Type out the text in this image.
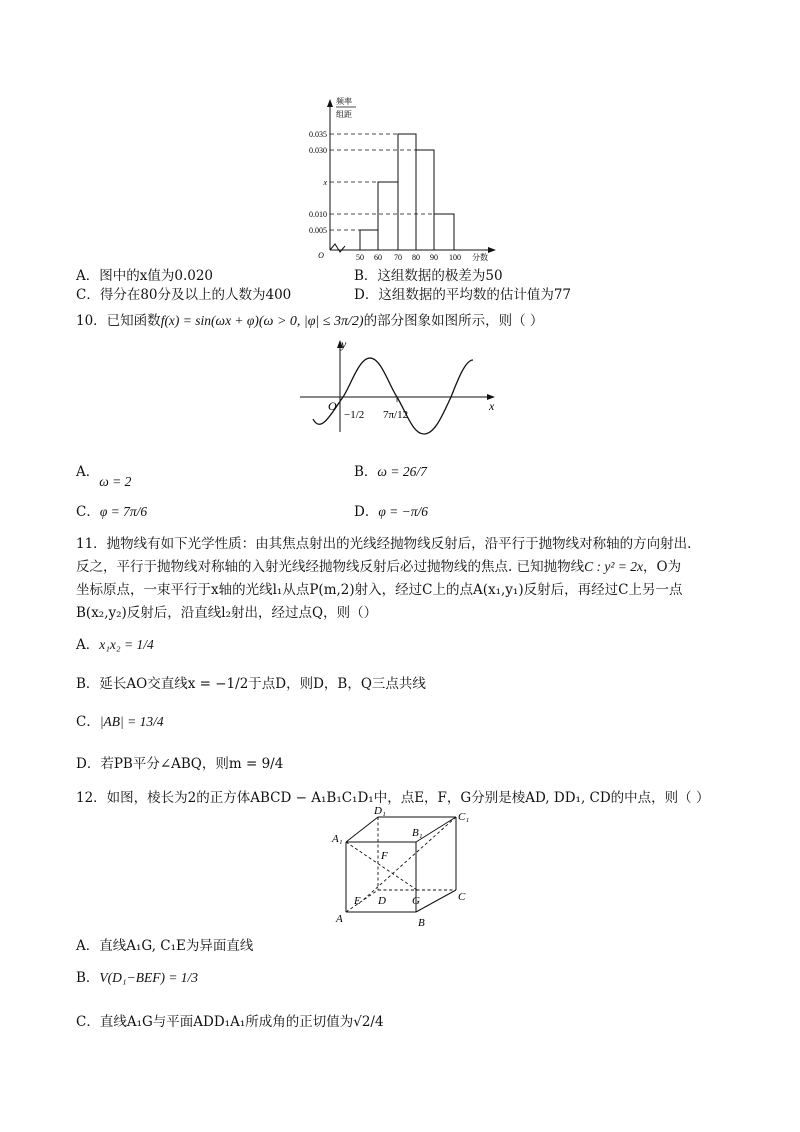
频率
组距
0.035
0.030
x
0.010
0.005
O	50 60 70 80 90 100 分数
A．图中的x值为0.020	B．这组数据的极差为50
C．得分在80分及以上的人数为400	D．这组数据的平均数的估计值为77
10．已知函数f(x) = sin(ωx + φ)(ω > 0, |φ| ≤ 3π/2)的部分图象如图所示，则（ ）
y
x
O
−1/2 7π/12
A．ω = 2
B．ω = 26/7
C．φ = 7π/6	D．φ = −π/6
11．抛物线有如下光学性质：由其焦点射出的光线经抛物线反射后，沿平行于抛物线对称轴的方向射出.
反之，平行于抛物线对称轴的入射光线经抛物线反射后必过抛物线的焦点. 已知抛物线C : y² = 2x，O为
坐标原点，一束平行于x轴的光线l₁从点P(m,2)射入，经过C上的点A(x₁,y₁)反射后，再经过C上另一点
B(x₂,y₂)反射后，沿直线l₂射出，经过点Q，则（）
A．x₁x₂ = 1/4
B．延长AO交直线x = −1/2于点D，则D，B，Q三点共线
C．|AB| = 13/4
D．若PB平分∠ABQ，则m = 9/4
12．如图，棱长为2的正方体ABCD − A₁B₁C₁D₁中，点E，F，G分别是棱AD, DD₁, CD的中点，则（ ）
D₁	C₁
A₁	B₁
F
E D G	C
A	B
A．直线A₁G, C₁E为异面直线
B．V(D₁−BEF) = 1/3
C．直线A₁G与平面ADD₁A₁所成角的正切值为√2/4
